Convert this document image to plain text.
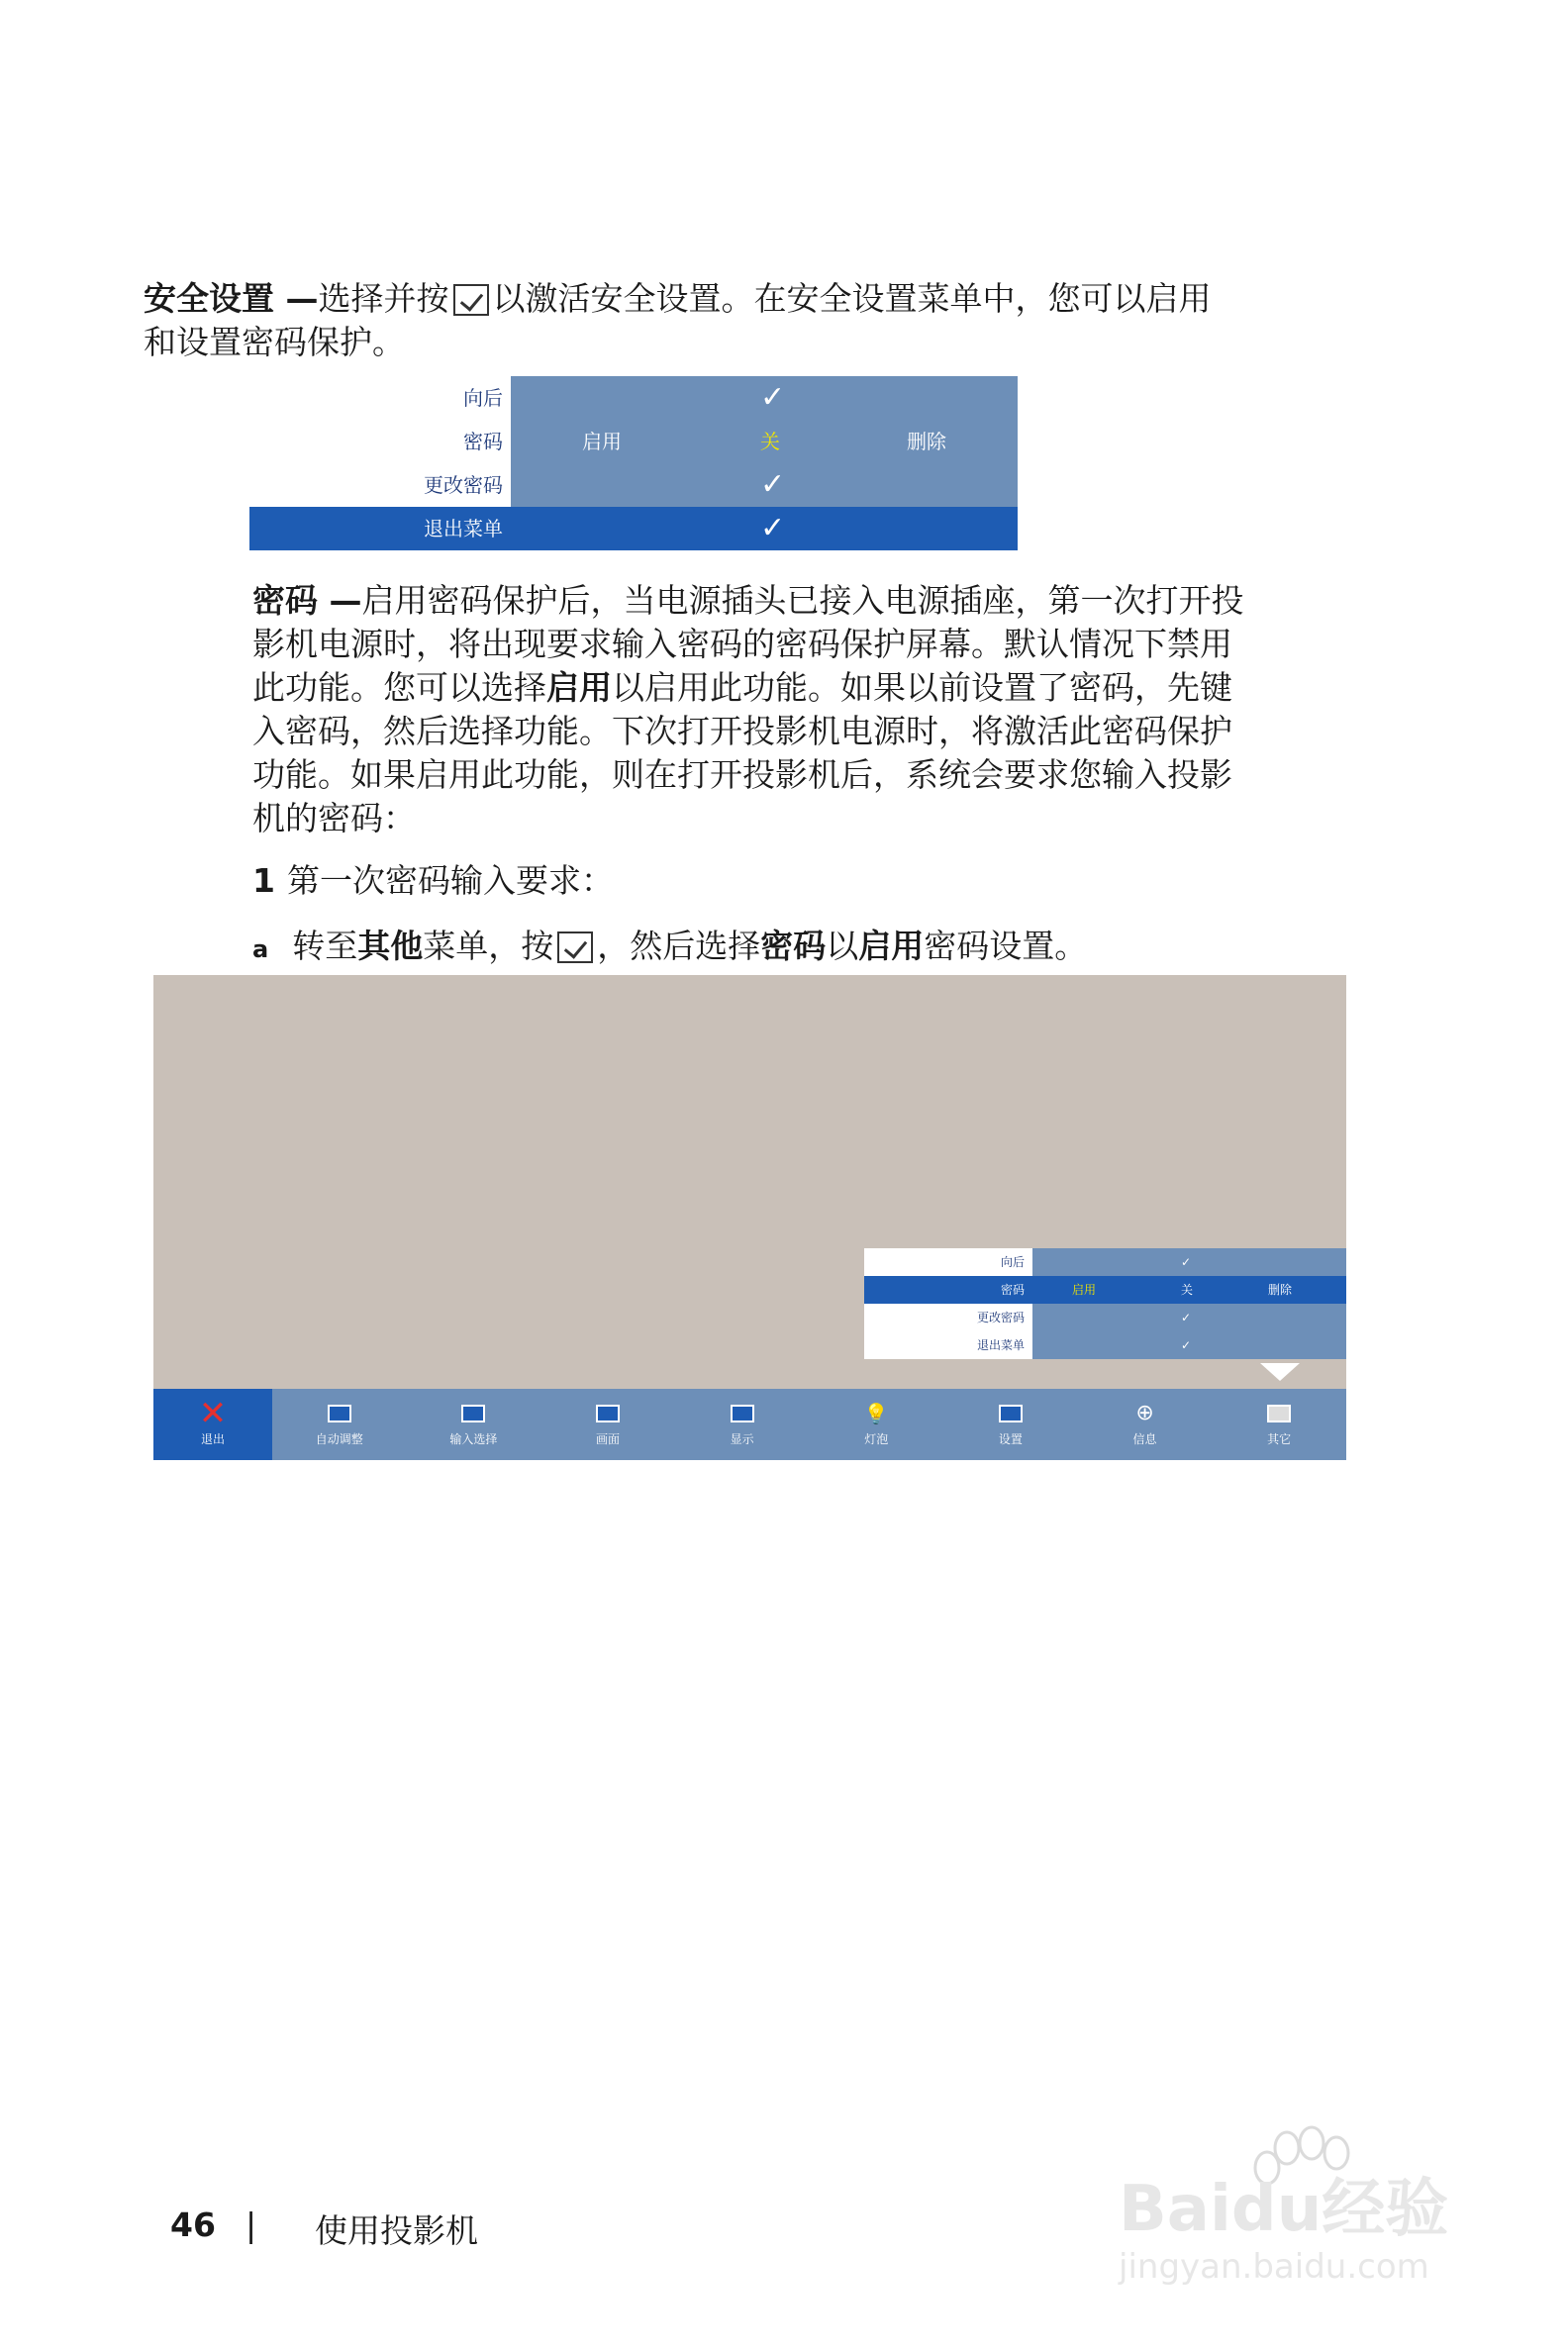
安全设置 —选择并按 以激活安全设置。在安全设置菜单中，您可以启用
和设置密码保护。
向后	✓
密码	启用	关	删除
更改密码	✓
退出菜单	✓
密码 —启用密码保护后，当电源插头已接入电源插座，第一次打开投
影机电源时，将出现要求输入密码的密码保护屏幕。默认情况下禁用
此功能。您可以选择启用以启用此功能。如果以前设置了密码，先键
入密码，然后选择功能。下次打开投影机电源时，将激活此密码保护
功能。如果启用此功能，则在打开投影机后，系统会要求您输入投影
机的密码：
1 第一次密码输入要求：
a 转至其他菜单，按 ，然后选择密码以启用密码设置。
向后	✓
密码	启用	关	删除
更改密码	✓
退出菜单	✓
✕
退出	自动调整	输入选择	画面	显示
💡
灯泡	设置
⊕
信息	其它
46 | 使用投影机	Baidu经验
jingyan.baidu.com
